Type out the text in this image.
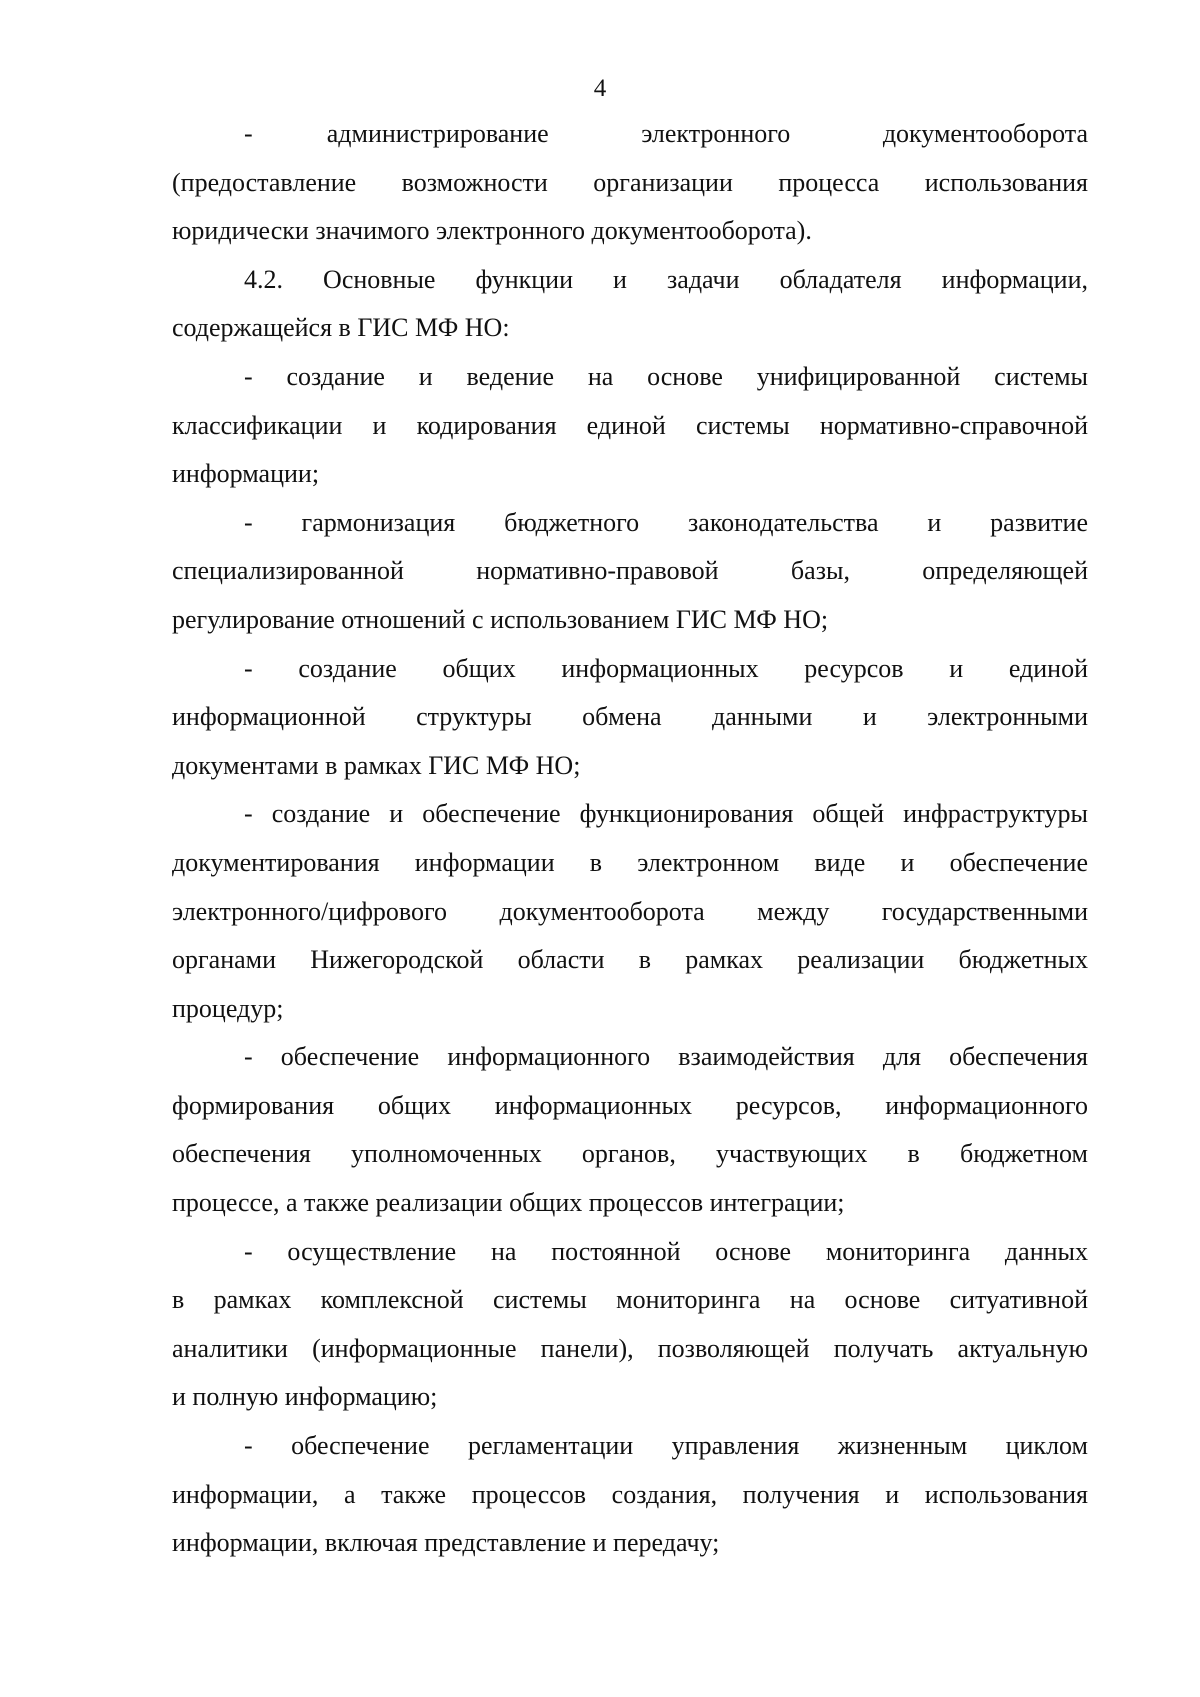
4
-        администрирование          электронного          документооборота
(предоставление возможности организации процесса использования
юридически значимого электронного документооборота).
4.2. Основные функции и задачи обладателя информации,
содержащейся в ГИС МФ НО:
- создание и ведение на основе унифицированной системы
классификации и кодирования единой системы нормативно-справочной
информации;
- гармонизация бюджетного законодательства и развитие
специализированной нормативно-правовой базы, определяющей
регулирование отношений с использованием ГИС МФ НО;
- создание общих информационных ресурсов и единой
информационной структуры обмена данными и электронными
документами в рамках ГИС МФ НО;
- создание и обеспечение функционирования общей инфраструктуры
документирования информации в электронном виде и обеспечение
электронного/цифрового документооборота между государственными
органами Нижегородской области в рамках реализации бюджетных
процедур;
- обеспечение информационного взаимодействия для обеспечения
формирования общих информационных ресурсов, информационного
обеспечения уполномоченных органов, участвующих в бюджетном
процессе, а также реализации общих процессов интеграции;
- осуществление на постоянной основе мониторинга данных
в рамках комплексной системы мониторинга на основе ситуативной
аналитики (информационные панели), позволяющей получать актуальную
и полную информацию;
- обеспечение регламентации управления жизненным циклом
информации, а также процессов создания, получения и использования
информации, включая представление и передачу;
